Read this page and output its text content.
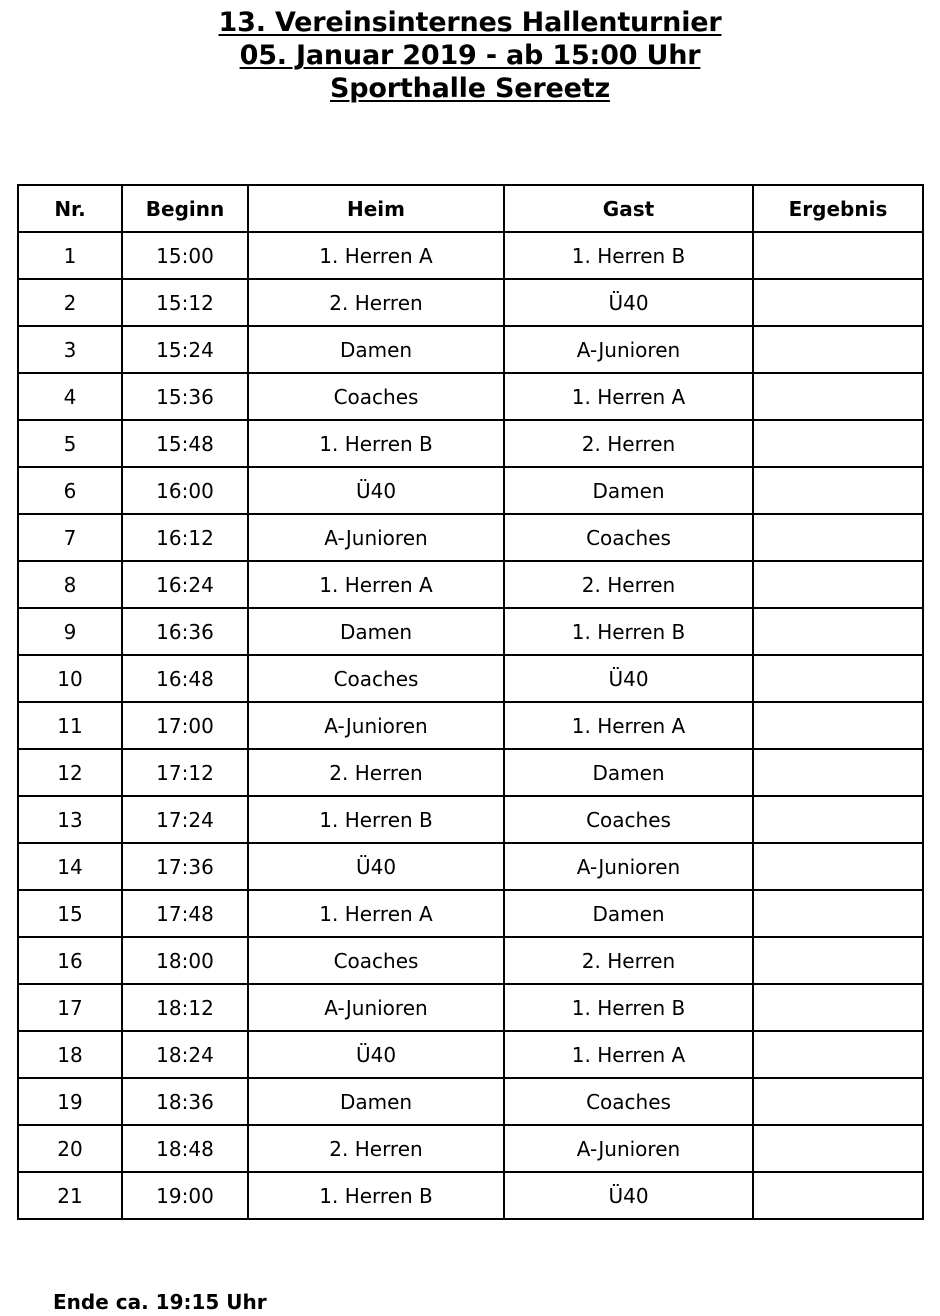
13. Vereinsinternes Hallenturnier
05. Januar 2019 - ab 15:00 Uhr
Sporthalle Sereetz
Nr.	Beginn	Heim	Gast	Ergebnis
1	15:00	1. Herren A	1. Herren B	
2	15:12	2. Herren	Ü40	
3	15:24	Damen	A-Junioren	
4	15:36	Coaches	1. Herren A	
5	15:48	1. Herren B	2. Herren	
6	16:00	Ü40	Damen	
7	16:12	A-Junioren	Coaches	
8	16:24	1. Herren A	2. Herren	
9	16:36	Damen	1. Herren B	
10	16:48	Coaches	Ü40	
11	17:00	A-Junioren	1. Herren A	
12	17:12	2. Herren	Damen	
13	17:24	1. Herren B	Coaches	
14	17:36	Ü40	A-Junioren	
15	17:48	1. Herren A	Damen	
16	18:00	Coaches	2. Herren	
17	18:12	A-Junioren	1. Herren B	
18	18:24	Ü40	1. Herren A	
19	18:36	Damen	Coaches	
20	18:48	2. Herren	A-Junioren	
21	19:00	1. Herren B	Ü40	
Ende ca. 19:15 Uhr
